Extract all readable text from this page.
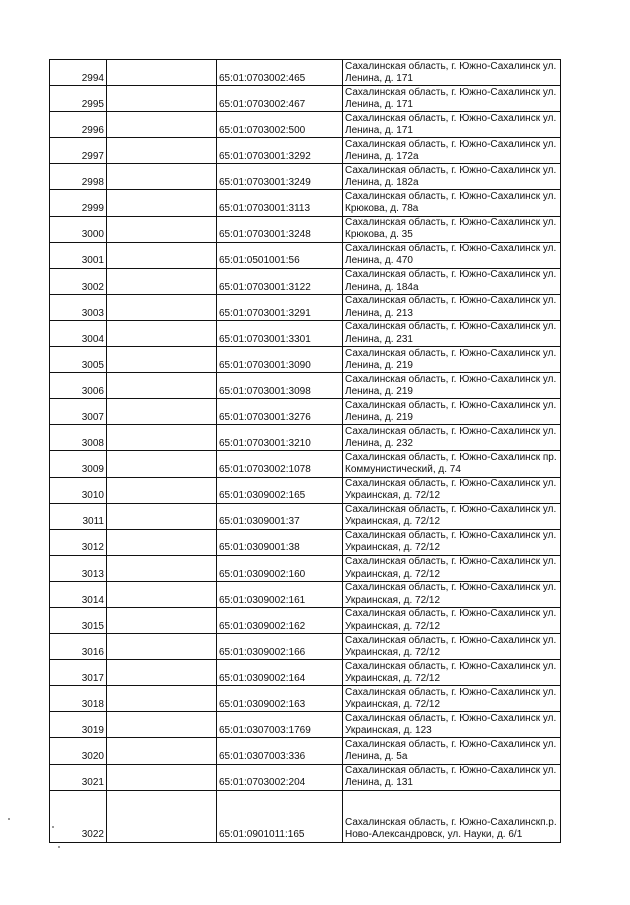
2994		65:01:0703002:465	Сахалинская область, г. Южно-Сахалинск ул. Ленина, д. 171
2995		65:01:0703002:467	Сахалинская область, г. Южно-Сахалинск ул. Ленина, д. 171
2996		65:01:0703002:500	Сахалинская область, г. Южно-Сахалинск ул. Ленина, д. 171
2997		65:01:0703001:3292	Сахалинская область, г. Южно-Сахалинск ул. Ленина, д. 172а
2998		65:01:0703001:3249	Сахалинская область, г. Южно-Сахалинск ул. Ленина, д. 182а
2999		65:01:0703001:3113	Сахалинская область, г. Южно-Сахалинск ул. Крюкова, д. 78а
3000		65:01:0703001:3248	Сахалинская область, г. Южно-Сахалинск ул. Крюкова, д. 35
3001		65:01:0501001:56	Сахалинская область, г. Южно-Сахалинск ул. Ленина, д. 470
3002		65:01:0703001:3122	Сахалинская область, г. Южно-Сахалинск ул. Ленина, д. 184а
3003		65:01:0703001:3291	Сахалинская область, г. Южно-Сахалинск ул. Ленина, д. 213
3004		65:01:0703001:3301	Сахалинская область, г. Южно-Сахалинск ул. Ленина, д. 231
3005		65:01:0703001:3090	Сахалинская область, г. Южно-Сахалинск ул. Ленина, д. 219
3006		65:01:0703001:3098	Сахалинская область, г. Южно-Сахалинск ул. Ленина, д. 219
3007		65:01:0703001:3276	Сахалинская область, г. Южно-Сахалинск ул. Ленина, д. 219
3008		65:01:0703001:3210	Сахалинская область, г. Южно-Сахалинск ул. Ленина, д. 232
3009		65:01:0703002:1078	Сахалинская область, г. Южно-Сахалинск пр. Коммунистический, д. 74
3010		65:01:0309002:165	Сахалинская область, г. Южно-Сахалинск ул. Украинская, д. 72/12
3011		65:01:0309001:37	Сахалинская область, г. Южно-Сахалинск ул. Украинская, д. 72/12
3012		65:01:0309001:38	Сахалинская область, г. Южно-Сахалинск ул. Украинская, д. 72/12
3013		65:01:0309002:160	Сахалинская область, г. Южно-Сахалинск ул. Украинская, д. 72/12
3014		65:01:0309002:161	Сахалинская область, г. Южно-Сахалинск ул. Украинская, д. 72/12
3015		65:01:0309002:162	Сахалинская область, г. Южно-Сахалинск ул. Украинская, д. 72/12
3016		65:01:0309002:166	Сахалинская область, г. Южно-Сахалинск ул. Украинская, д. 72/12
3017		65:01:0309002:164	Сахалинская область, г. Южно-Сахалинск ул. Украинская, д. 72/12
3018		65:01:0309002:163	Сахалинская область, г. Южно-Сахалинск ул. Украинская, д. 72/12
3019		65:01:0307003:1769	Сахалинская область, г. Южно-Сахалинск ул. Украинская, д. 123
3020		65:01:0307003:336	Сахалинская область, г. Южно-Сахалинск ул. Ленина, д. 5а
3021		65:01:0703002:204	Сахалинская область, г. Южно-Сахалинск ул. Ленина, д. 131
3022		65:01:0901011:165	Сахалинская область, г. Южно-Сахалинскп.р. Ново-Александровск, ул. Науки, д. 6/1
